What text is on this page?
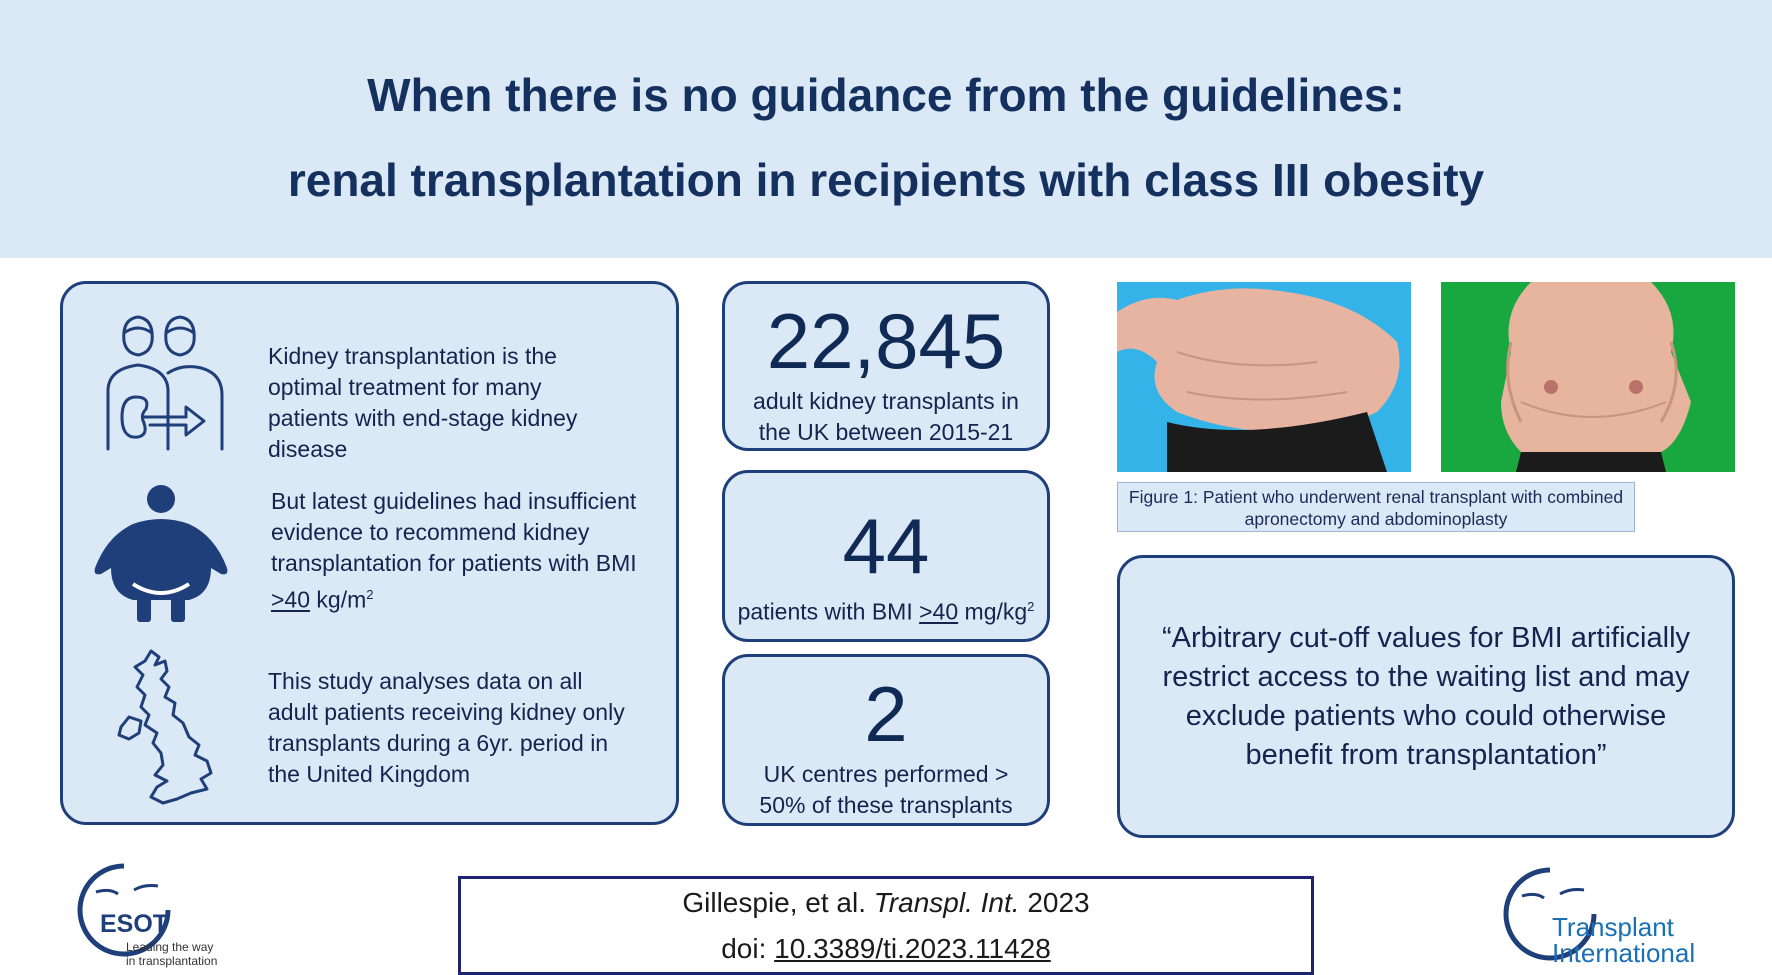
When there is no guidance from the guidelines:
renal transplantation in recipients with class III obesity
Kidney transplantation is the optimal treatment for many patients with end-stage kidney disease
But latest guidelines had insufficient evidence to recommend kidney transplantation for patients with BMI >40 $kg/m^2$
This study analyses data on all adult patients receiving kidney only transplants during a 6yr. period in the United Kingdom
22,845
adult kidney transplants in the UK between 2015-21
44
patients with BMI >40 $mg/kg^2$
2
UK centres performed > 50% of these transplants
Figure 1: Patient who underwent renal transplant with combined apronectomy and abdominoplasty
“Arbitrary cut-off values for BMI artificially restrict access to the waiting list and may exclude patients who could otherwise benefit from transplantation”
ESOT
Leading the way
in transplantation
Gillespie, et al. Transpl. Int. 2023
doi: 10.3389/ti.2023.11428
Transplant
International
